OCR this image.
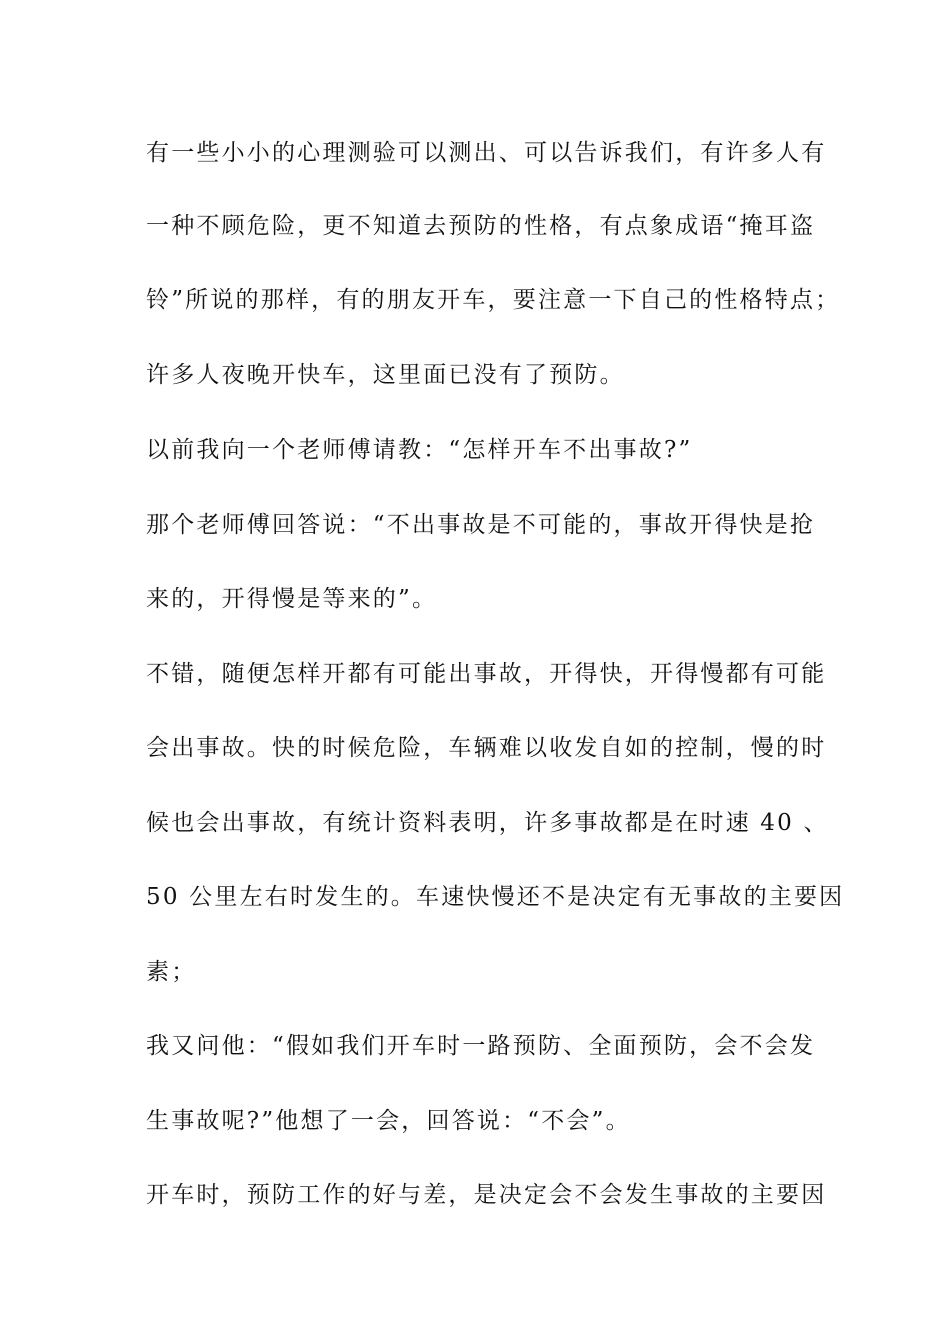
有一些小小的心理测验可以测出、可以告诉我们，有许多人有
一种不顾危险，更不知道去预防的性格，有点象成语“掩耳盗
铃”所说的那样，有的朋友开车，要注意一下自己的性格特点；
许多人夜晚开快车，这里面已没有了预防。
以前我向一个老师傅请教：“怎样开车不出事故?”
那个老师傅回答说：“不出事故是不可能的，事故开得快是抢
来的，开得慢是等来的”。
不错，随便怎样开都有可能出事故，开得快，开得慢都有可能
会出事故。快的时候危险，车辆难以收发自如的控制，慢的时
候也会出事故，有统计资料表明，许多事故都是在时速 40 、
50 公里左右时发生的。车速快慢还不是决定有无事故的主要因
素；
我又问他：“假如我们开车时一路预防、全面预防，会不会发
生事故呢?”他想了一会，回答说：“不会”。
开车时，预防工作的好与差，是决定会不会发生事故的主要因
